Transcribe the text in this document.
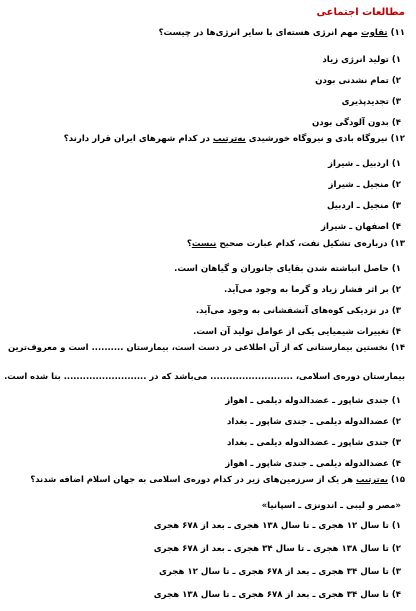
مطالعات اجتماعی
۱۱) تفاوت مهم انرژی هسته‌ای با سایر انرژی‌ها در چیست؟
۱) تولید انرژی زیاد
۲) تمام نشدنی بودن
۳) تجدیدپذیری
۴) بدون آلودگی بودن
۱۲) نیروگاه بادی و نیروگاه خورشیدی به‌ترتیب در کدام شهرهای ایران قرار دارند؟
۱) اردبیل ـ شیراز
۲) منجیل ـ شیراز
۳) منجیل ـ اردبیل
۴) اصفهان ـ شیراز
۱۳) درباره‌ی تشکیل نفت، کدام عبارت صحیح نیست؟
۱) حاصل انباشته شدن بقایای جانوران و گیاهان است.
۲) بر اثر فشار زیاد و گرما به وجود می‌آید.
۳) در نزدیکی کوه‌های آتشفشانی به وجود می‌آید.
۴) تغییرات شیمیایی یکی از عوامل تولید آن است.
۱۴) نخستین بیمارستانی که از آن اطلاعی در دست است، بیمارستان .......... است و معروف‌ترین
بیمارستان دوره‌ی اسلامی، .......................... می‌باشد که در .......................... بنا شده است.
۱) جندی شاپور ـ عضدالدوله دیلمی ـ اهواز
۲) عضدالدوله دیلمی ـ جندی شاپور ـ بغداد
۳) جندی شاپور ـ عضدالدوله دیلمی ـ بغداد
۴) عضدالدوله دیلمی ـ جندی شاپور ـ اهواز
۱۵) به‌ترتیب هر یک از سرزمین‌های زیر در کدام دوره‌ی اسلامی به جهان اسلام اضافه شدند؟
«مصر و لیبی ـ اندونزی ـ اسپانیا»
۱) تا سال ۱۲ هجری ـ تا سال ۱۳۸ هجری ـ بعد از ۶۷۸ هجری
۲) تا سال ۱۳۸ هجری ـ تا سال ۳۴ هجری ـ بعد از ۶۷۸ هجری
۳) تا سال ۳۴ هجری ـ بعد از ۶۷۸ هجری ـ تا سال ۱۲ هجری
۴) تا سال ۳۴ هجری ـ بعد از ۶۷۸ هجری ـ تا سال ۱۳۸ هجری
